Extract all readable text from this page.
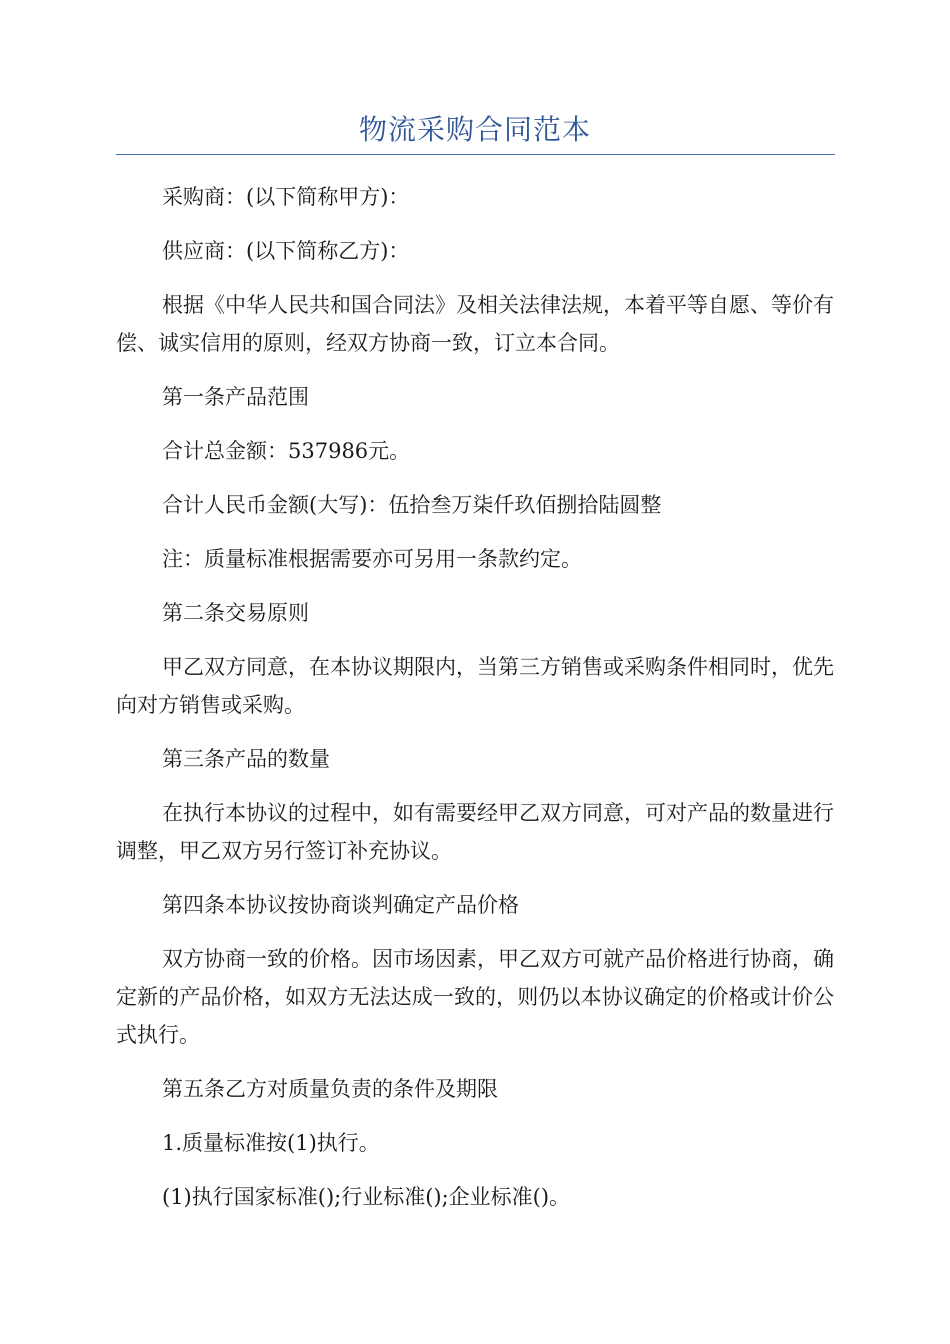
物流采购合同范本

采购商：(以下简称甲方)：

供应商：(以下简称乙方)：

根据《中华人民共和国合同法》及相关法律法规，本着平等自愿、等价有偿、诚实信用的原则，经双方协商一致，订立本合同。

第一条产品范围

合计总金额：537986元。

合计人民币金额(大写)：伍拾叁万柒仟玖佰捌拾陆圆整

注：质量标准根据需要亦可另用一条款约定。

第二条交易原则

甲乙双方同意，在本协议期限内，当第三方销售或采购条件相同时，优先向对方销售或采购。

第三条产品的数量

在执行本协议的过程中，如有需要经甲乙双方同意，可对产品的数量进行调整，甲乙双方另行签订补充协议。

第四条本协议按协商谈判确定产品价格

双方协商一致的价格。因市场因素，甲乙双方可就产品价格进行协商，确定新的产品价格，如双方无法达成一致的，则仍以本协议确定的价格或计价公式执行。

第五条乙方对质量负责的条件及期限

1.质量标准按(1)执行。

(1)执行国家标准();行业标准();企业标准()。
